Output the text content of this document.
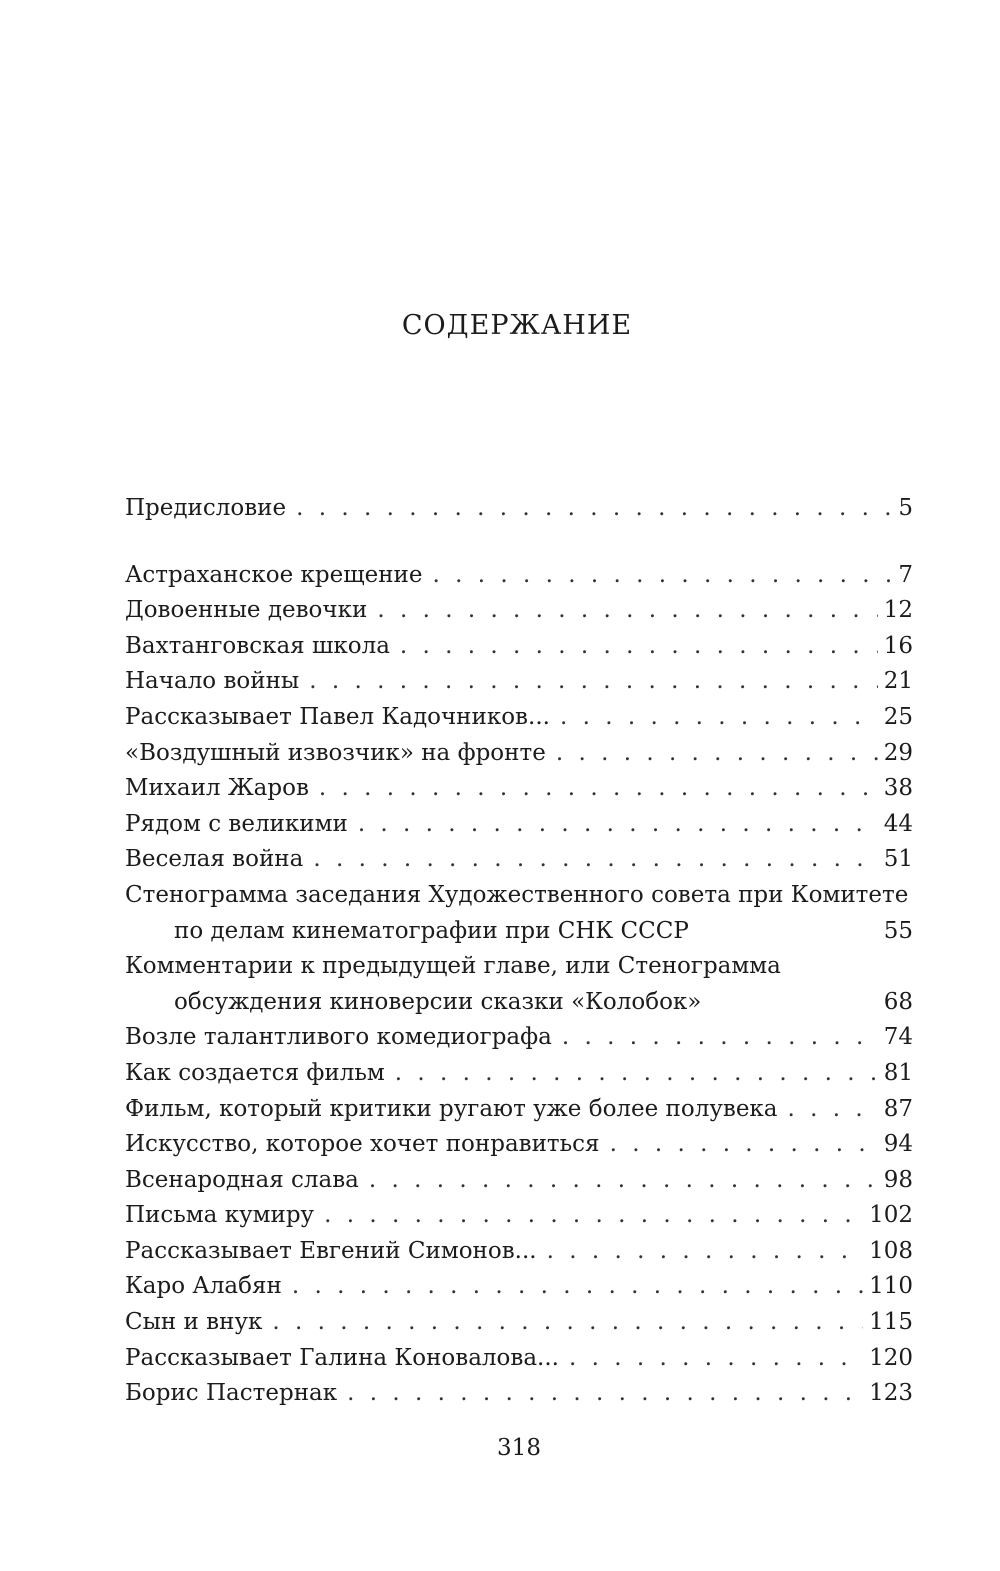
СОДЕРЖАНИЕ
Предисловие . . .	5
Астраханское крещение . . .	7
Довоенные девочки . . .	12
Вахтанговская школа . . .	16
Начало войны . . .	21
Рассказывает Павел Кадочников... . . .	25
«Воздушный извозчик» на фронте . . .	29
Михаил Жаров . . .	38
Рядом с великими . . .	44
Веселая война . . .	51
Стенограмма заседания Художественного совета при Комитете
по делам кинематографии при СНК СССР	55
Комментарии к предыдущей главе, или Стенограмма
обсуждения киноверсии сказки «Колобок»	68
Возле талантливого комедиографа . . .	74
Как создается фильм . . .	81
Фильм, который критики ругают уже более полувека . . .	87
Искусство, которое хочет понравиться . . .	94
Всенародная слава . . .	98
Письма кумиру . . .	102
Рассказывает Евгений Симонов... . . .	108
Каро Алабян . . .	110
Сын и внук . . .	115
Рассказывает Галина Коновалова... . . .	120
Борис Пастернак . . .	123
318
